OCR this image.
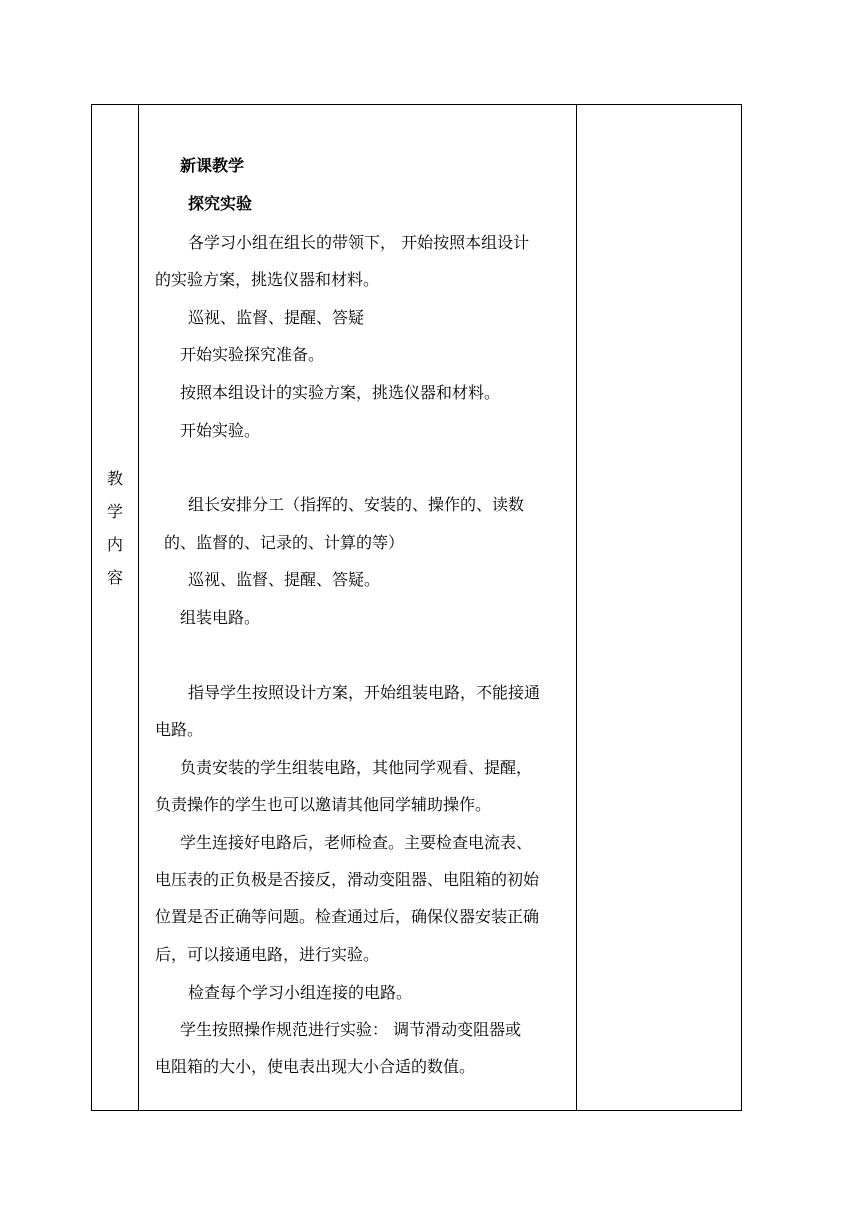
教
学
内
容
新课教学
探究实验
各学习小组在组长的带领下， 开始按照本组设计
的实验方案，挑选仪器和材料。
巡视、监督、提醒、答疑
开始实验探究准备。
按照本组设计的实验方案，挑选仪器和材料。
开始实验。
组长安排分工（指挥的、安装的、操作的、读数
的、监督的、记录的、计算的等）
巡视、监督、提醒、答疑。
组装电路。
指导学生按照设计方案，开始组装电路，不能接通
电路。
负责安装的学生组装电路，其他同学观看、提醒，
负责操作的学生也可以邀请其他同学辅助操作。
学生连接好电路后，老师检查。主要检查电流表、
电压表的正负极是否接反，滑动变阻器、电阻箱的初始
位置是否正确等问题。检查通过后，确保仪器安装正确
后，可以接通电路，进行实验。
检查每个学习小组连接的电路。
学生按照操作规范进行实验： 调节滑动变阻器或
电阻箱的大小，使电表出现大小合适的数值。
